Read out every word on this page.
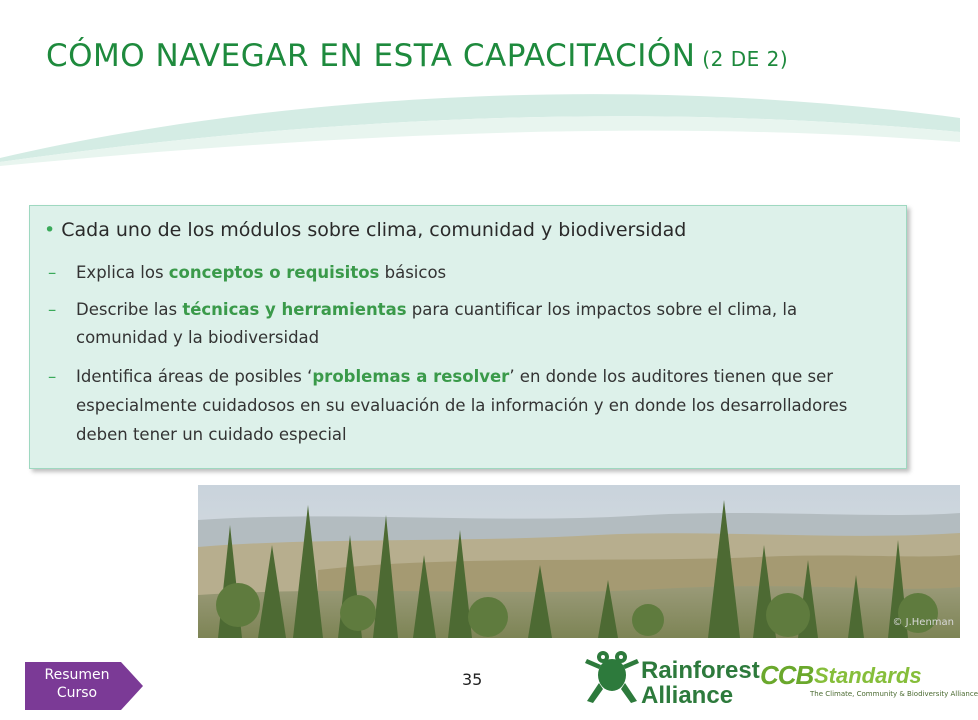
CÓMO NAVEGAR EN ESTA CAPACITACIÓN (2 DE 2)
• Cada uno de los módulos sobre clima, comunidad y biodiversidad
– Explica los conceptos o requisitos básicos
– Describe las técnicas y herramientas para cuantificar los impactos sobre el clima, la comunidad y la biodiversidad
– Identifica áreas de posibles ‘problemas a resolver’ en donde los auditores tienen que ser especialmente cuidadosos en su evaluación de la información y en donde los desarrolladores deben tener un cuidado especial
© J.Henman
Resumen
Curso
35	Rainforest
Alliance
CCB Standards
The Climate, Community & Biodiversity Alliance
